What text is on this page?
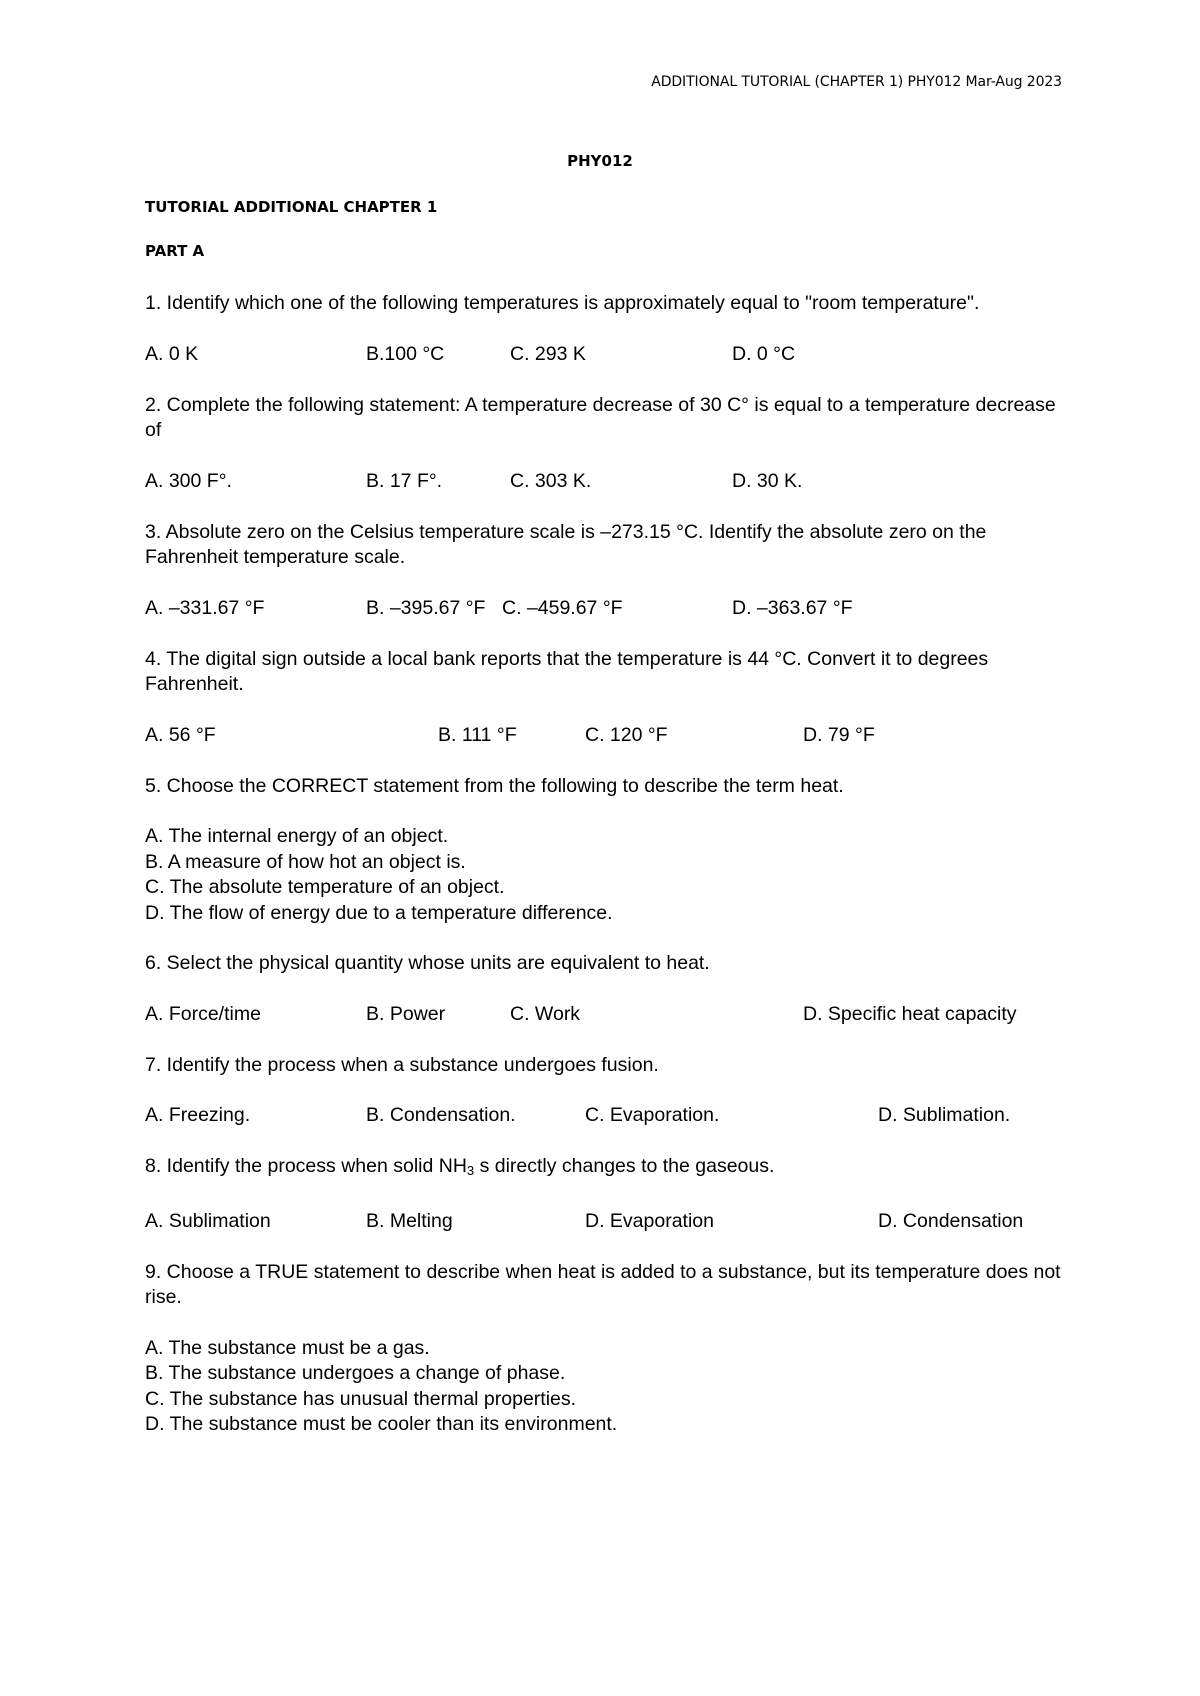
ADDITIONAL TUTORIAL (CHAPTER 1) PHY012 Mar-Aug 2023
PHY012
TUTORIAL ADDITIONAL CHAPTER 1
PART A

1. Identify which one of the following temperatures is approximately equal to "room temperature".

A. 0 K	B.100 °C	C. 293 K	D. 0 °C

2. Complete the following statement: A temperature decrease of 30 C° is equal to a temperature decrease of

A. 300 F°.	B. 17 F°.	C. 303 K.	D. 30 K.

3. Absolute zero on the Celsius temperature scale is –273.15 °C. Identify the absolute zero on the Fahrenheit temperature scale.

A. –331.67 °F	B. –395.67 °F C. –459.67 °F	D. –363.67 °F

4. The digital sign outside a local bank reports that the temperature is 44 °C. Convert it to degrees Fahrenheit.

A. 56 °F	B. 111 °F	C. 120 °F	D. 79 °F

5. Choose the CORRECT statement from the following to describe the term heat.

A. The internal energy of an object.
B. A measure of how hot an object is.
C. The absolute temperature of an object.
D. The flow of energy due to a temperature difference.

6. Select the physical quantity whose units are equivalent to heat.

A. Force/time	B. Power	C. Work	D. Specific heat capacity

7. Identify the process when a substance undergoes fusion.

A. Freezing.	B. Condensation.	C. Evaporation.	D. Sublimation.

8. Identify the process when solid $NH_3$ s directly changes to the gaseous.

A. Sublimation	B. Melting	D. Evaporation	D. Condensation

9. Choose a TRUE statement to describe when heat is added to a substance, but its temperature does not rise.

A. The substance must be a gas.
B. The substance undergoes a change of phase.
C. The substance has unusual thermal properties.
D. The substance must be cooler than its environment.
